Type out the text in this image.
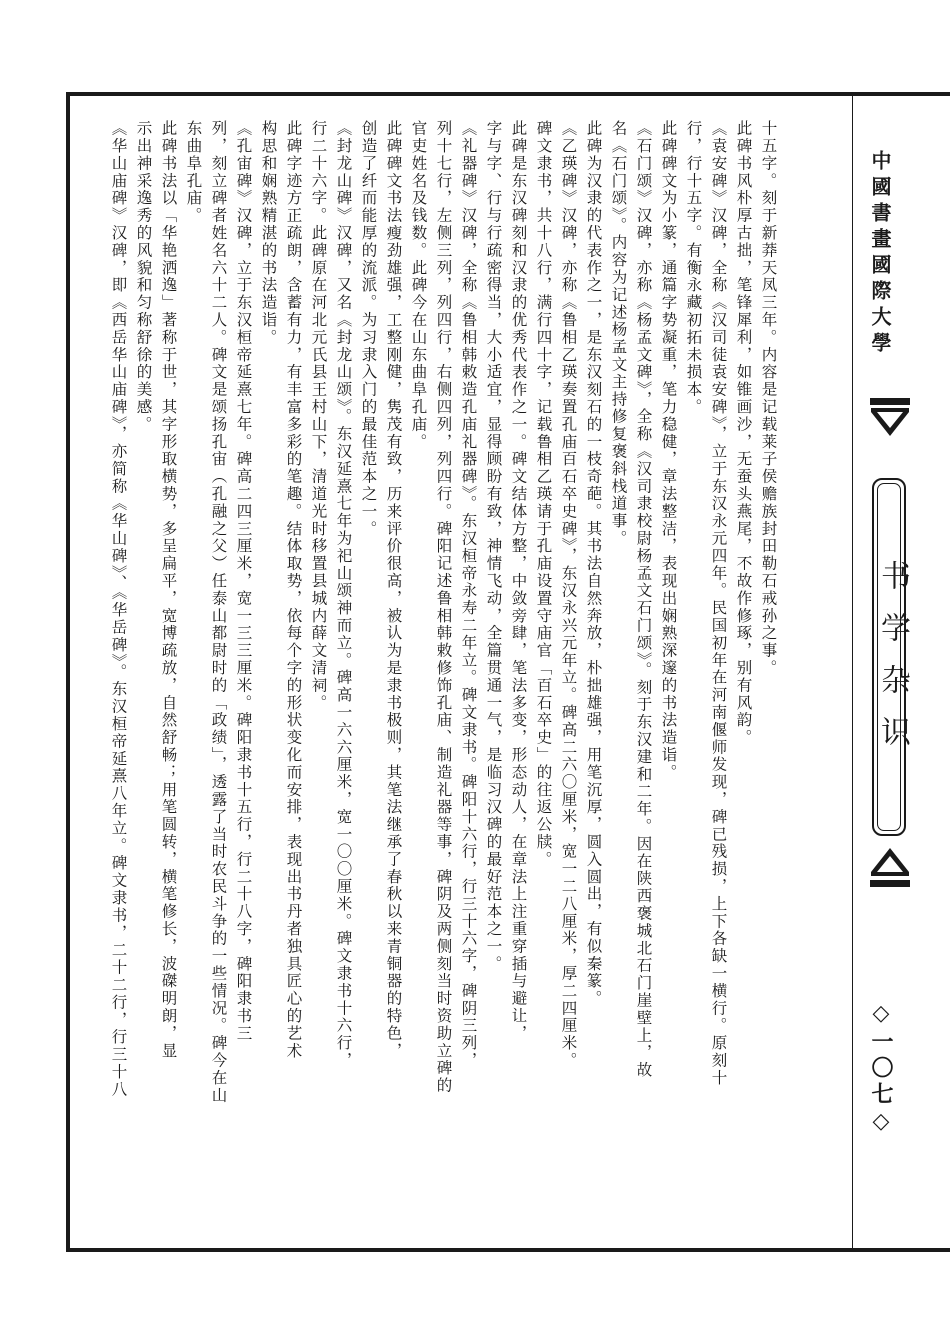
十五字。刻于新莽天凤三年。内容是记载莱子侯赡族封田勒石戒孙之事。
此碑书风朴厚古拙，笔锋犀利，如锥画沙，无蚕头燕尾，不故作修琢，别有风韵。
《袁安碑》汉碑，全称《汉司徒袁安碑》，立于东汉永元四年。民国初年在河南偃师发现，碑已残损，上下各缺一横行。原刻十
行，行十五字。有衡永藏初拓未损本。
此碑碑文为小篆，通篇字势凝重，笔力稳健，章法整洁，表现出娴熟深邃的书法造诣。
《石门颂》汉碑，亦称《杨孟文碑》，全称《汉司隶校尉杨孟文石门颂》。刻于东汉建和二年。因在陕西褒城北石门崖壁上，故
名《石门颂》。内容为记述杨孟文主持修复褒斜栈道事。
此碑为汉隶的代表作之一，是东汉刻石的一枝奇葩。其书法自然奔放，朴拙雄强，用笔沉厚，圆入圆出，有似秦篆。
《乙瑛碑》汉碑，亦称《鲁相乙瑛奏置孔庙百石卒史碑》，东汉永兴元年立。碑高二六〇厘米，宽一二八厘米，厚二四厘米。
碑文隶书，共十八行，满行四十字，记载鲁相乙瑛请于孔庙设置守庙官「百石卒史」的往返公牍。
此碑是东汉碑刻和汉隶的优秀代表作之一。碑文结体方整，中敛旁肆，笔法多变，形态动人，在章法上注重穿插与避让，
字与字、行与行疏密得当，大小适宜，显得顾盼有致，神情飞动，全篇贯通一气，是临习汉碑的最好范本之一。
《礼器碑》汉碑，全称《鲁相韩敕造孔庙礼器碑》。东汉桓帝永寿二年立。碑文隶书。碑阳十六行，行三十六字，碑阴三列，
列十七行，左侧三列，列四行，右侧四列，列四行。碑阳记述鲁相韩敕修饰孔庙、制造礼器等事，碑阴及两侧刻当时资助立碑的
官吏姓名及钱数。此碑今在山东曲阜孔庙。
此碑碑文书法瘦劲雄强，工整刚健，隽茂有致，历来评价很高，被认为是隶书极则，其笔法继承了春秋以来青铜器的特色，
创造了纤而能厚的流派。为习隶入门的最佳范本之一。
《封龙山碑》汉碑，又名《封龙山颂》。东汉延熹七年为祀山颂神而立。碑高一六六厘米，宽一〇〇厘米。碑文隶书十六行，
行二十六字。此碑原在河北元氏县王村山下，清道光时移置县城内薛文清祠。
此碑字迹方正疏朗，含蓄有力，有丰富多彩的笔趣。结体取势，依每个字的形状变化而安排，表现出书丹者独具匠心的艺术
构思和娴熟精湛的书法造诣。
《孔宙碑》汉碑，立于东汉桓帝延熹七年。碑高二四三厘米，宽一三三厘米。碑阳隶书十五行，行二十八字，碑阳隶书三
列，刻立碑者姓名六十二人。碑文是颂扬孔宙（孔融之父）任泰山都尉时的「政绩」，透露了当时农民斗争的一些情况。碑今在山
东曲阜孔庙。
此碑书法以「华艳洒逸」著称于世，其字形取横势，多呈扁平，宽博疏放，自然舒畅；用笔圆转，横笔修长，波磔明朗，显
示出神采逸秀的风貌和匀称舒徐的美感。
《华山庙碑》汉碑，即《西岳华山庙碑》，亦简称《华山碑》、《华岳碑》。东汉桓帝延熹八年立。碑文隶书，二十二行，行三十八	中國書畫國際大學
书学杂识
◇一〇七◇
